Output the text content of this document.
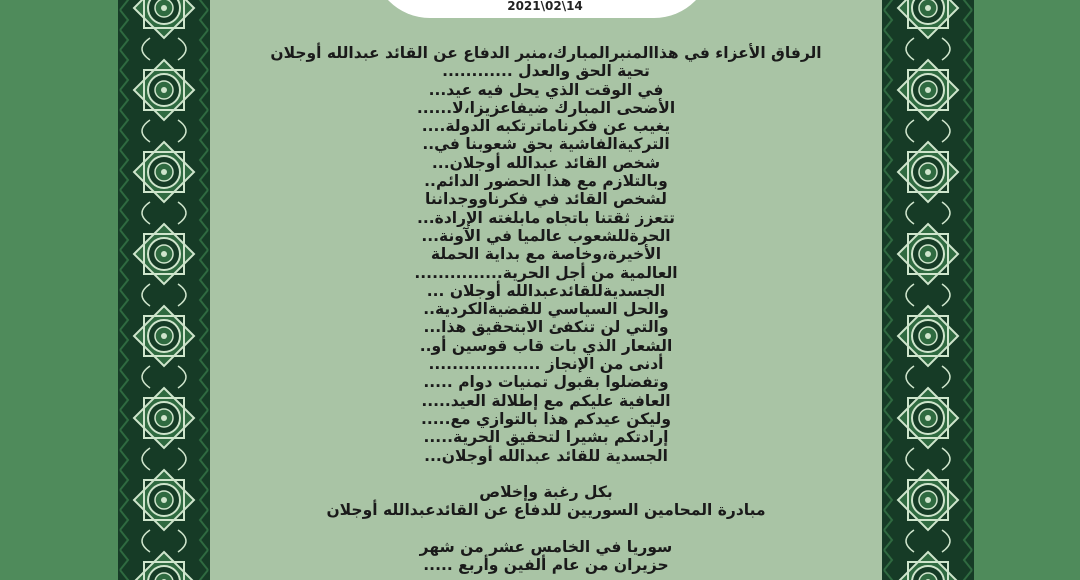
2021\02\14
الرفاق الأعزاء في هذاالمنبرالمبارك،منبر الدفاع عن القائد عبدالله أوجلان
تحية الحق والعدل ............
في الوقت الذي يحل فيه عيد...
الأضحى المبارك ضيفاعزيزا،لا......
يغيب عن فكرناماترتكبه الدولة....
التركيةالفاشية بحق شعوبنا في..
شخص القائد عبدالله أوجلان...
وبالتلازم مع هذا الحضور الدائم..
لشخص القائد في فكرناووجداننا
تتعزز ثقتنا باتجاه مابلغته الإرادة...
الحرةللشعوب عالميا في الآونة...
الأخيرة،وخاصة مع بداية الحملة
العالمية من أجل الحرية...............
الجسديةللقائدعبدالله أوجلان ...
والحل السياسي للقضيةالكردية..
والتي لن تنكفئ الابتحقيق هذا...
الشعار الذي بات قاب قوسين أو..
أدنى من الإنجاز ...................
وتفضلوا بقبول تمنيات دوام .....
العافية عليكم مع إطلالة العيد.....
وليكن عيدكم هذا بالتوازي مع.....
إرادتكم بشيرا لتحقيق الحرية.....
الجسدية للقائد عبدالله أوجلان...
بكل رغبة وإخلاص
مبادرة المحامين السوريين للدفاع عن القائدعبدالله أوجلان
سوريا في الخامس عشر من شهر
حزيران من عام ألفين وأربع .....
